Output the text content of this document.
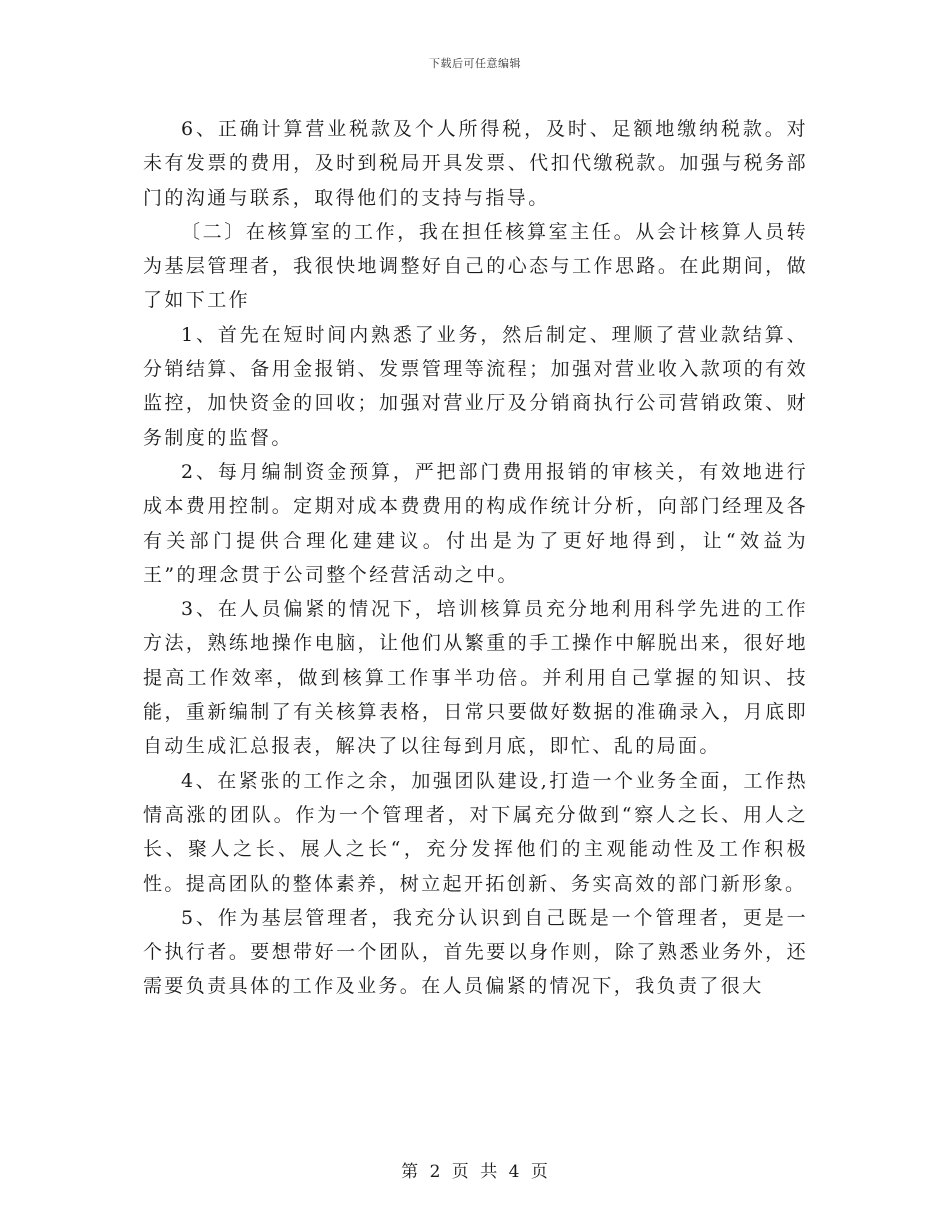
下载后可任意编辑

6、正确计算营业税款及个人所得税，及时、足额地缴纳税款。对未有发票的费用，及时到税局开具发票、代扣代缴税款。加强与税务部门的沟通与联系，取得他们的支持与指导。

〔二〕在核算室的工作，我在担任核算室主任。从会计核算人员转为基层管理者，我很快地调整好自己的心态与工作思路。在此期间，做了如下工作

1、首先在短时间内熟悉了业务，然后制定、理顺了营业款结算、分销结算、备用金报销、发票管理等流程；加强对营业收入款项的有效监控，加快资金的回收；加强对营业厅及分销商执行公司营销政策、财务制度的监督。

2、每月编制资金预算，严把部门费用报销的审核关，有效地进行成本费用控制。定期对成本费费用的构成作统计分析，向部门经理及各有关部门提供合理化建建议。付出是为了更好地得到，让“效益为王”的理念贯于公司整个经营活动之中。

3、在人员偏紧的情况下，培训核算员充分地利用科学先进的工作方法，熟练地操作电脑，让他们从繁重的手工操作中解脱出来，很好地提高工作效率，做到核算工作事半功倍。并利用自己掌握的知识、技能，重新编制了有关核算表格，日常只要做好数据的准确录入，月底即自动生成汇总报表，解决了以往每到月底，即忙、乱的局面。

4、在紧张的工作之余，加强团队建设,打造一个业务全面，工作热情高涨的团队。作为一个管理者，对下属充分做到“察人之长、用人之长、聚人之长、展人之长“，充分发挥他们的主观能动性及工作积极性。提高团队的整体素养，树立起开拓创新、务实高效的部门新形象。

5、作为基层管理者，我充分认识到自己既是一个管理者，更是一个执行者。要想带好一个团队，首先要以身作则，除了熟悉业务外，还需要负责具体的工作及业务。在人员偏紧的情况下，我负责了很大

第 2 页 共 4 页
